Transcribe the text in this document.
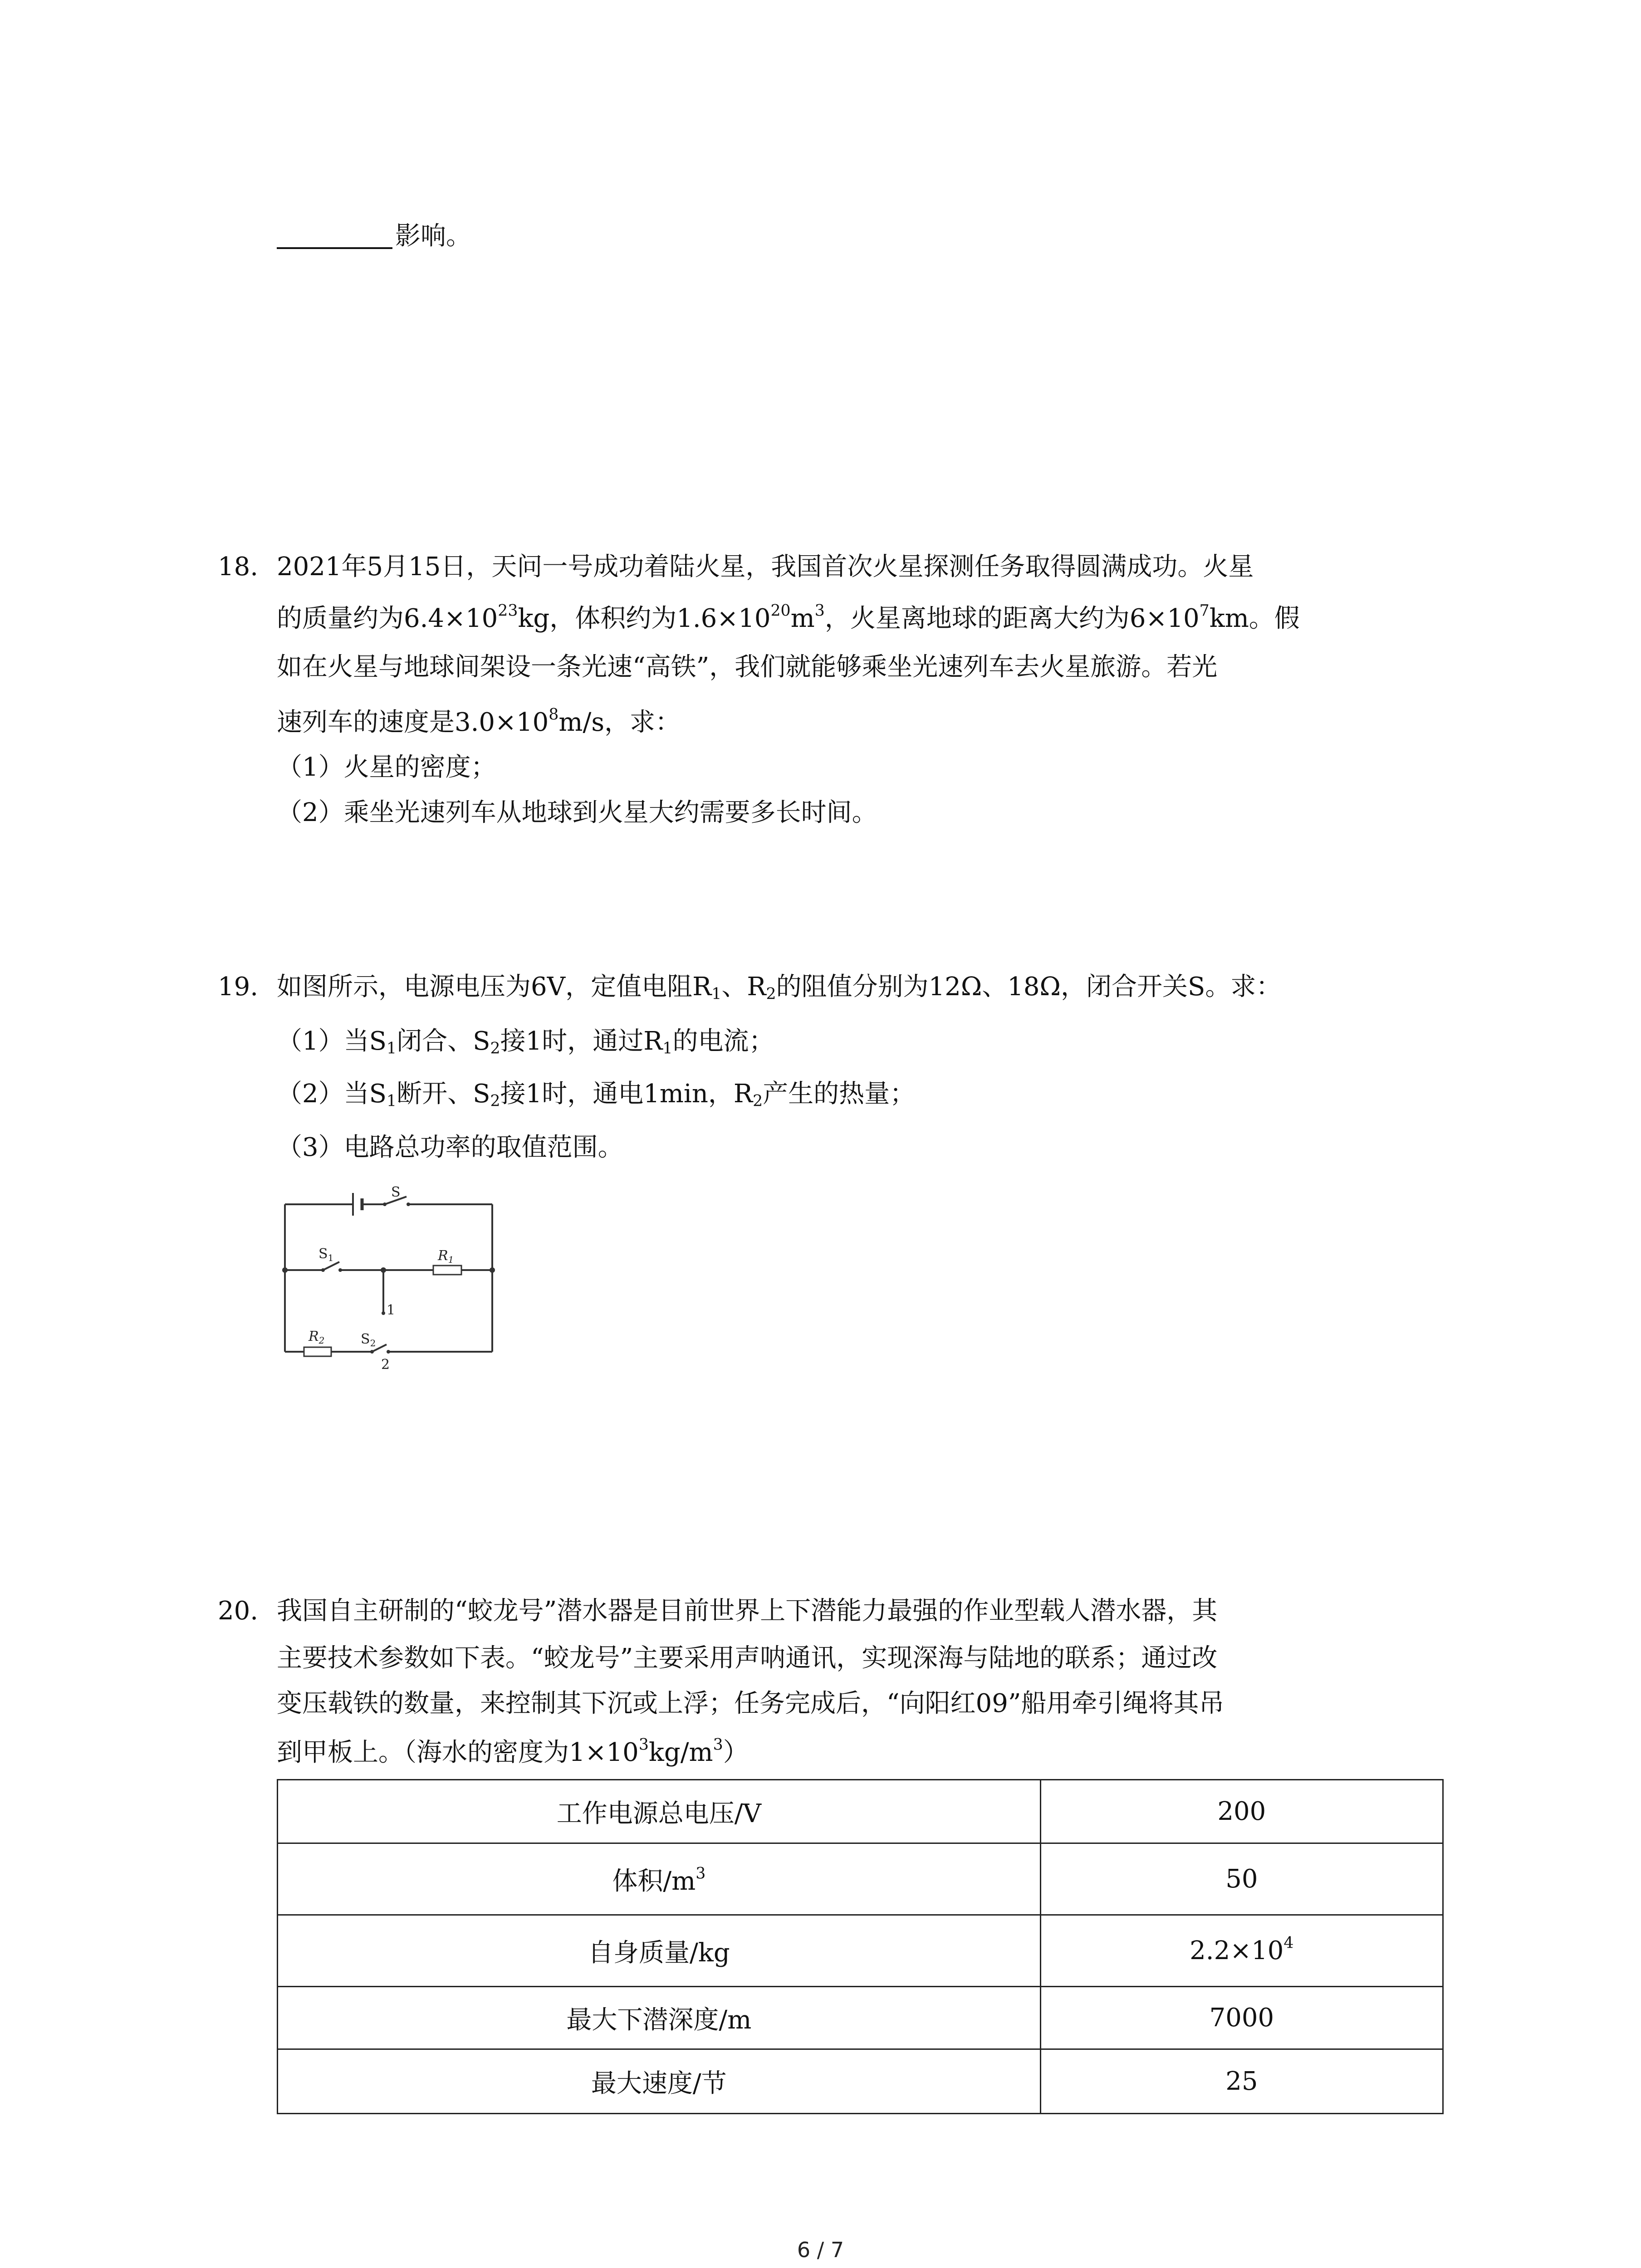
影响。
18. 2021年5月15日，天问一号成功着陆火星，我国首次火星探测任务取得圆满成功。火星
的质量约为$6.4\times 10^{23}kg$，体积约为$1.6\times 10^{20}m^3$，火星离地球的距离大约为$6\times 10^7km$。假
如在火星与地球间架设一条光速“高铁”，我们就能够乘坐光速列车去火星旅游。若光
速列车的速度是$3.0\times 10^8m/s$，求：
（1）火星的密度；
（2）乘坐光速列车从地球到火星大约需要多长时间。
19. 如图所示，电源电压为6V，定值电阻$R_1$、$R_2$的阻值分别为12Ω、18Ω，闭合开关S。求：
（1）当$S_1$闭合、$S_2$接1时，通过$R_1$的电流；
（2）当$S_1$断开、$S_2$接1时，通电1min，$R_2$产生的热量；
（3）电路总功率的取值范围。
S
$S_1$	$R_1$
$R_2$	$S_2$
1
2
20. 我国自主研制的“蛟龙号”潜水器是目前世界上下潜能力最强的作业型载人潜水器，其
主要技术参数如下表。“蛟龙号”主要采用声呐通讯，实现深海与陆地的联系；通过改
变压载铁的数量，来控制其下沉或上浮；任务完成后，“向阳红09”船用牵引绳将其吊
到甲板上。（海水的密度为$1\times 10^3kg/m^3$）
工作电源总电压/V	200
体积$/m^3$	50
自身质量/kg	$2.2\times 10^4$
最大下潜深度/m	7000
最大速度/节	25
6 / 7
